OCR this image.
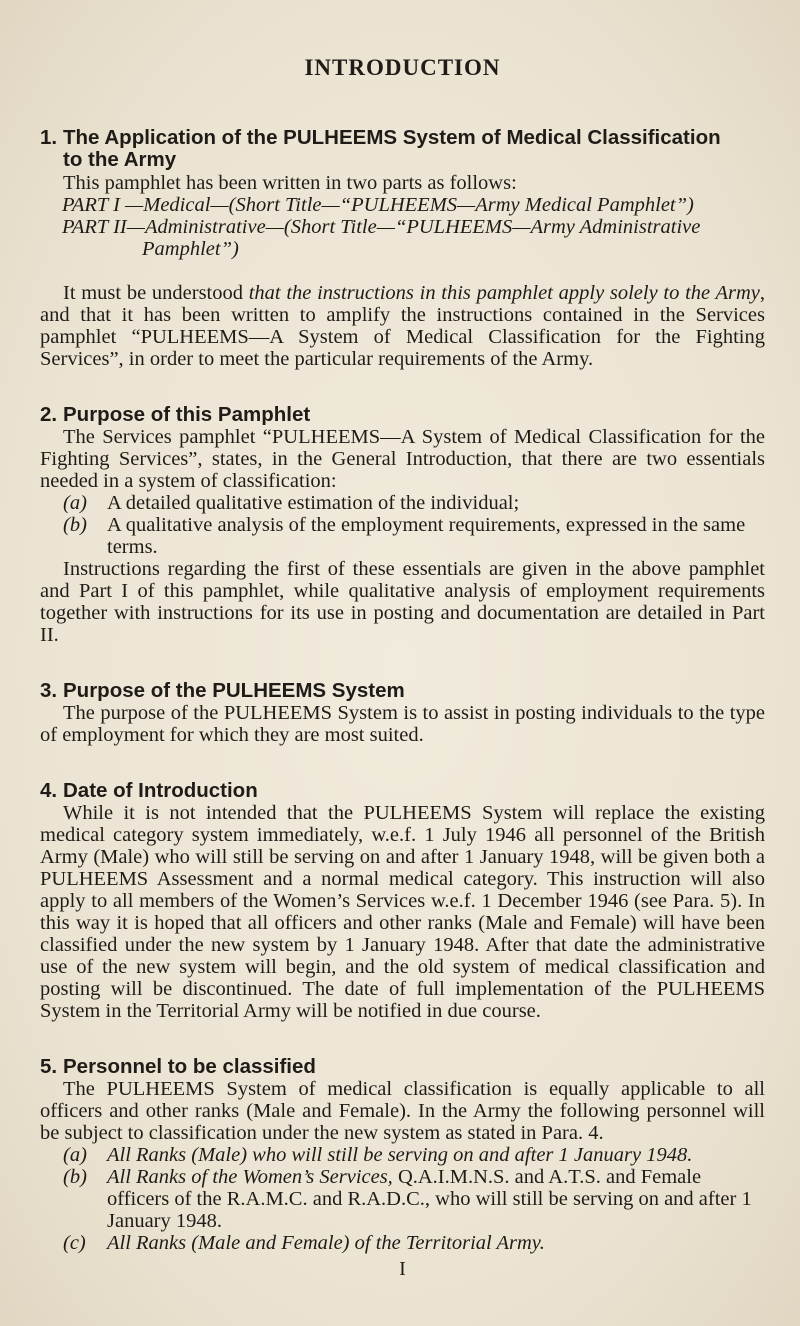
INTRODUCTION
1. The Application of the PULHEEMS System of Medical Classification
to the Army

This pamphlet has been written in two parts as follows:

PART I —Medical—(Short Title—“PULHEEMS—Army Medical Pamphlet”)

PART II—Administrative—(Short Title—“PULHEEMS—Army Administrative Pamphlet”)

It must be understood that the instructions in this pamphlet apply solely to the Army, and that it has been written to amplify the instructions contained in the Services pamphlet “PULHEEMS—A System of Medical Classification for the Fighting Services”, in order to meet the particular requirements of the Army.

2. Purpose of this Pamphlet

The Services pamphlet “PULHEEMS—A System of Medical Classification for the Fighting Services”, states, in the General Introduction, that there are two essentials needed in a system of classification:

(a) A detailed qualitative estimation of the individual;

(b) A qualitative analysis of the employment requirements, expressed in the same terms.

Instructions regarding the first of these essentials are given in the above pamphlet and Part I of this pamphlet, while qualitative analysis of employment requirements together with instructions for its use in posting and documentation are detailed in Part II.

3. Purpose of the PULHEEMS System

The purpose of the PULHEEMS System is to assist in posting individuals to the type of employment for which they are most suited.

4. Date of Introduction

While it is not intended that the PULHEEMS System will replace the existing medical category system immediately, w.e.f. 1 July 1946 all personnel of the British Army (Male) who will still be serving on and after 1 January 1948, will be given both a PULHEEMS Assessment and a normal medical category. This instruction will also apply to all members of the Women’s Services w.e.f. 1 December 1946 (see Para. 5). In this way it is hoped that all officers and other ranks (Male and Female) will have been classified under the new system by 1 January 1948. After that date the administrative use of the new system will begin, and the old system of medical classification and posting will be discontinued. The date of full implementation of the PULHEEMS System in the Territorial Army will be notified in due course.

5. Personnel to be classified

The PULHEEMS System of medical classification is equally applicable to all officers and other ranks (Male and Female). In the Army the following personnel will be subject to classification under the new system as stated in Para. 4.

(a) All Ranks (Male) who will still be serving on and after 1 January 1948.

(b) All Ranks of the Women’s Services, Q.A.I.M.N.S. and A.T.S. and Female officers of the R.A.M.C. and R.A.D.C., who will still be serving on and after 1 January 1948.

(c) All Ranks (Male and Female) of the Territorial Army.

I
